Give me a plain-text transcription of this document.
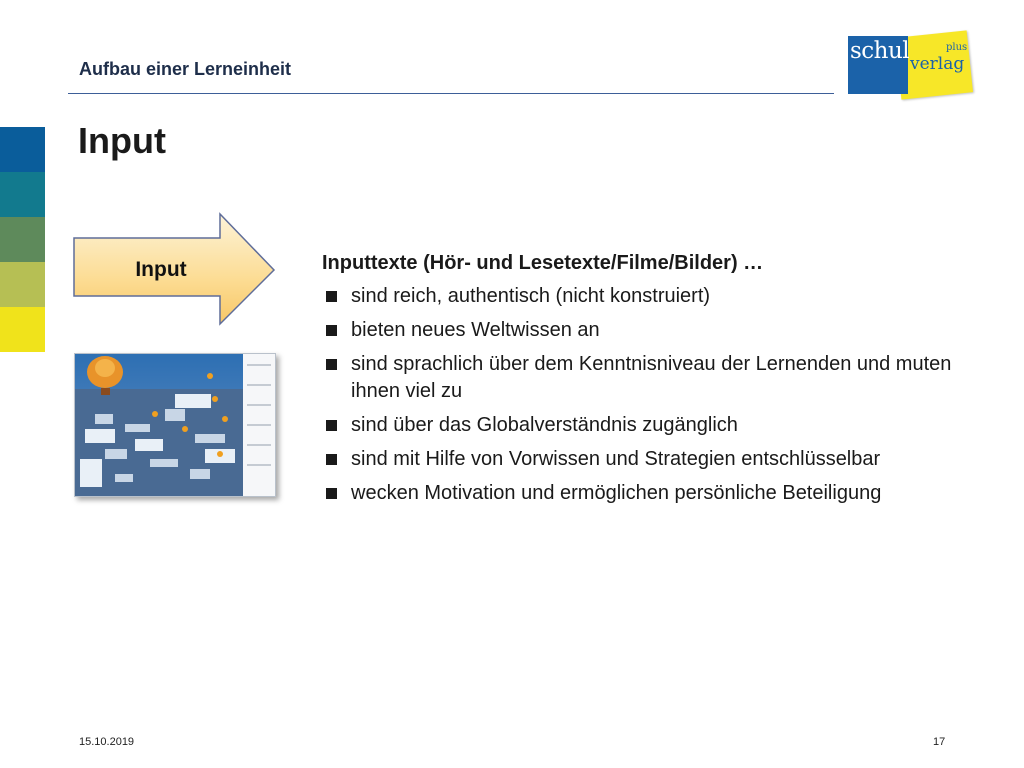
Aufbau einer Lerneinheit
Input
schul	plus
verlag
Input	Inputtexte (Hör- und Lesetexte/Filme/Bilder) …
sind reich, authentisch (nicht konstruiert)
bieten neues Weltwissen an
sind sprachlich über dem Kenntnisniveau der Lernenden und muten ihnen viel zu
sind über das Globalverständnis zugänglich
sind mit Hilfe von Vorwissen und Strategien entschlüsselbar
wecken Motivation und ermöglichen persönliche Beteiligung
15.10.2019	17
